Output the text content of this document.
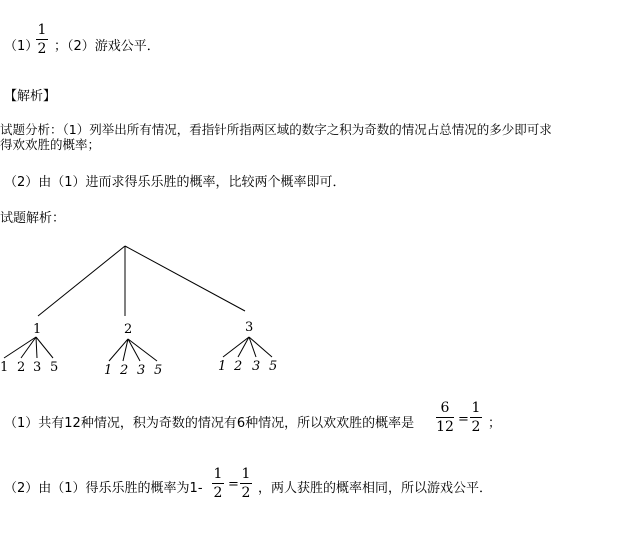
（1）
1
2 ；（2）游戏公平．
【解析】
试题分析：（1）列举出所有情况，看指针所指两区域的数字之积为奇数的情况占总情况的多少即可求
得欢欢胜的概率；
（2）由（1）进而求得乐乐胜的概率，比较两个概率即可．
试题解析：
1	2	3
1 2 3 5	1 2 3 5	1 2 3 5
（1）共有12种情况，积为奇数的情况有6种情况，所以欢欢胜的概率是
6
12 =
1
2 ；
（2）由（1）得乐乐胜的概率为1-
1
2
=
1
2 ，两人获胜的概率相同，所以游戏公平．
